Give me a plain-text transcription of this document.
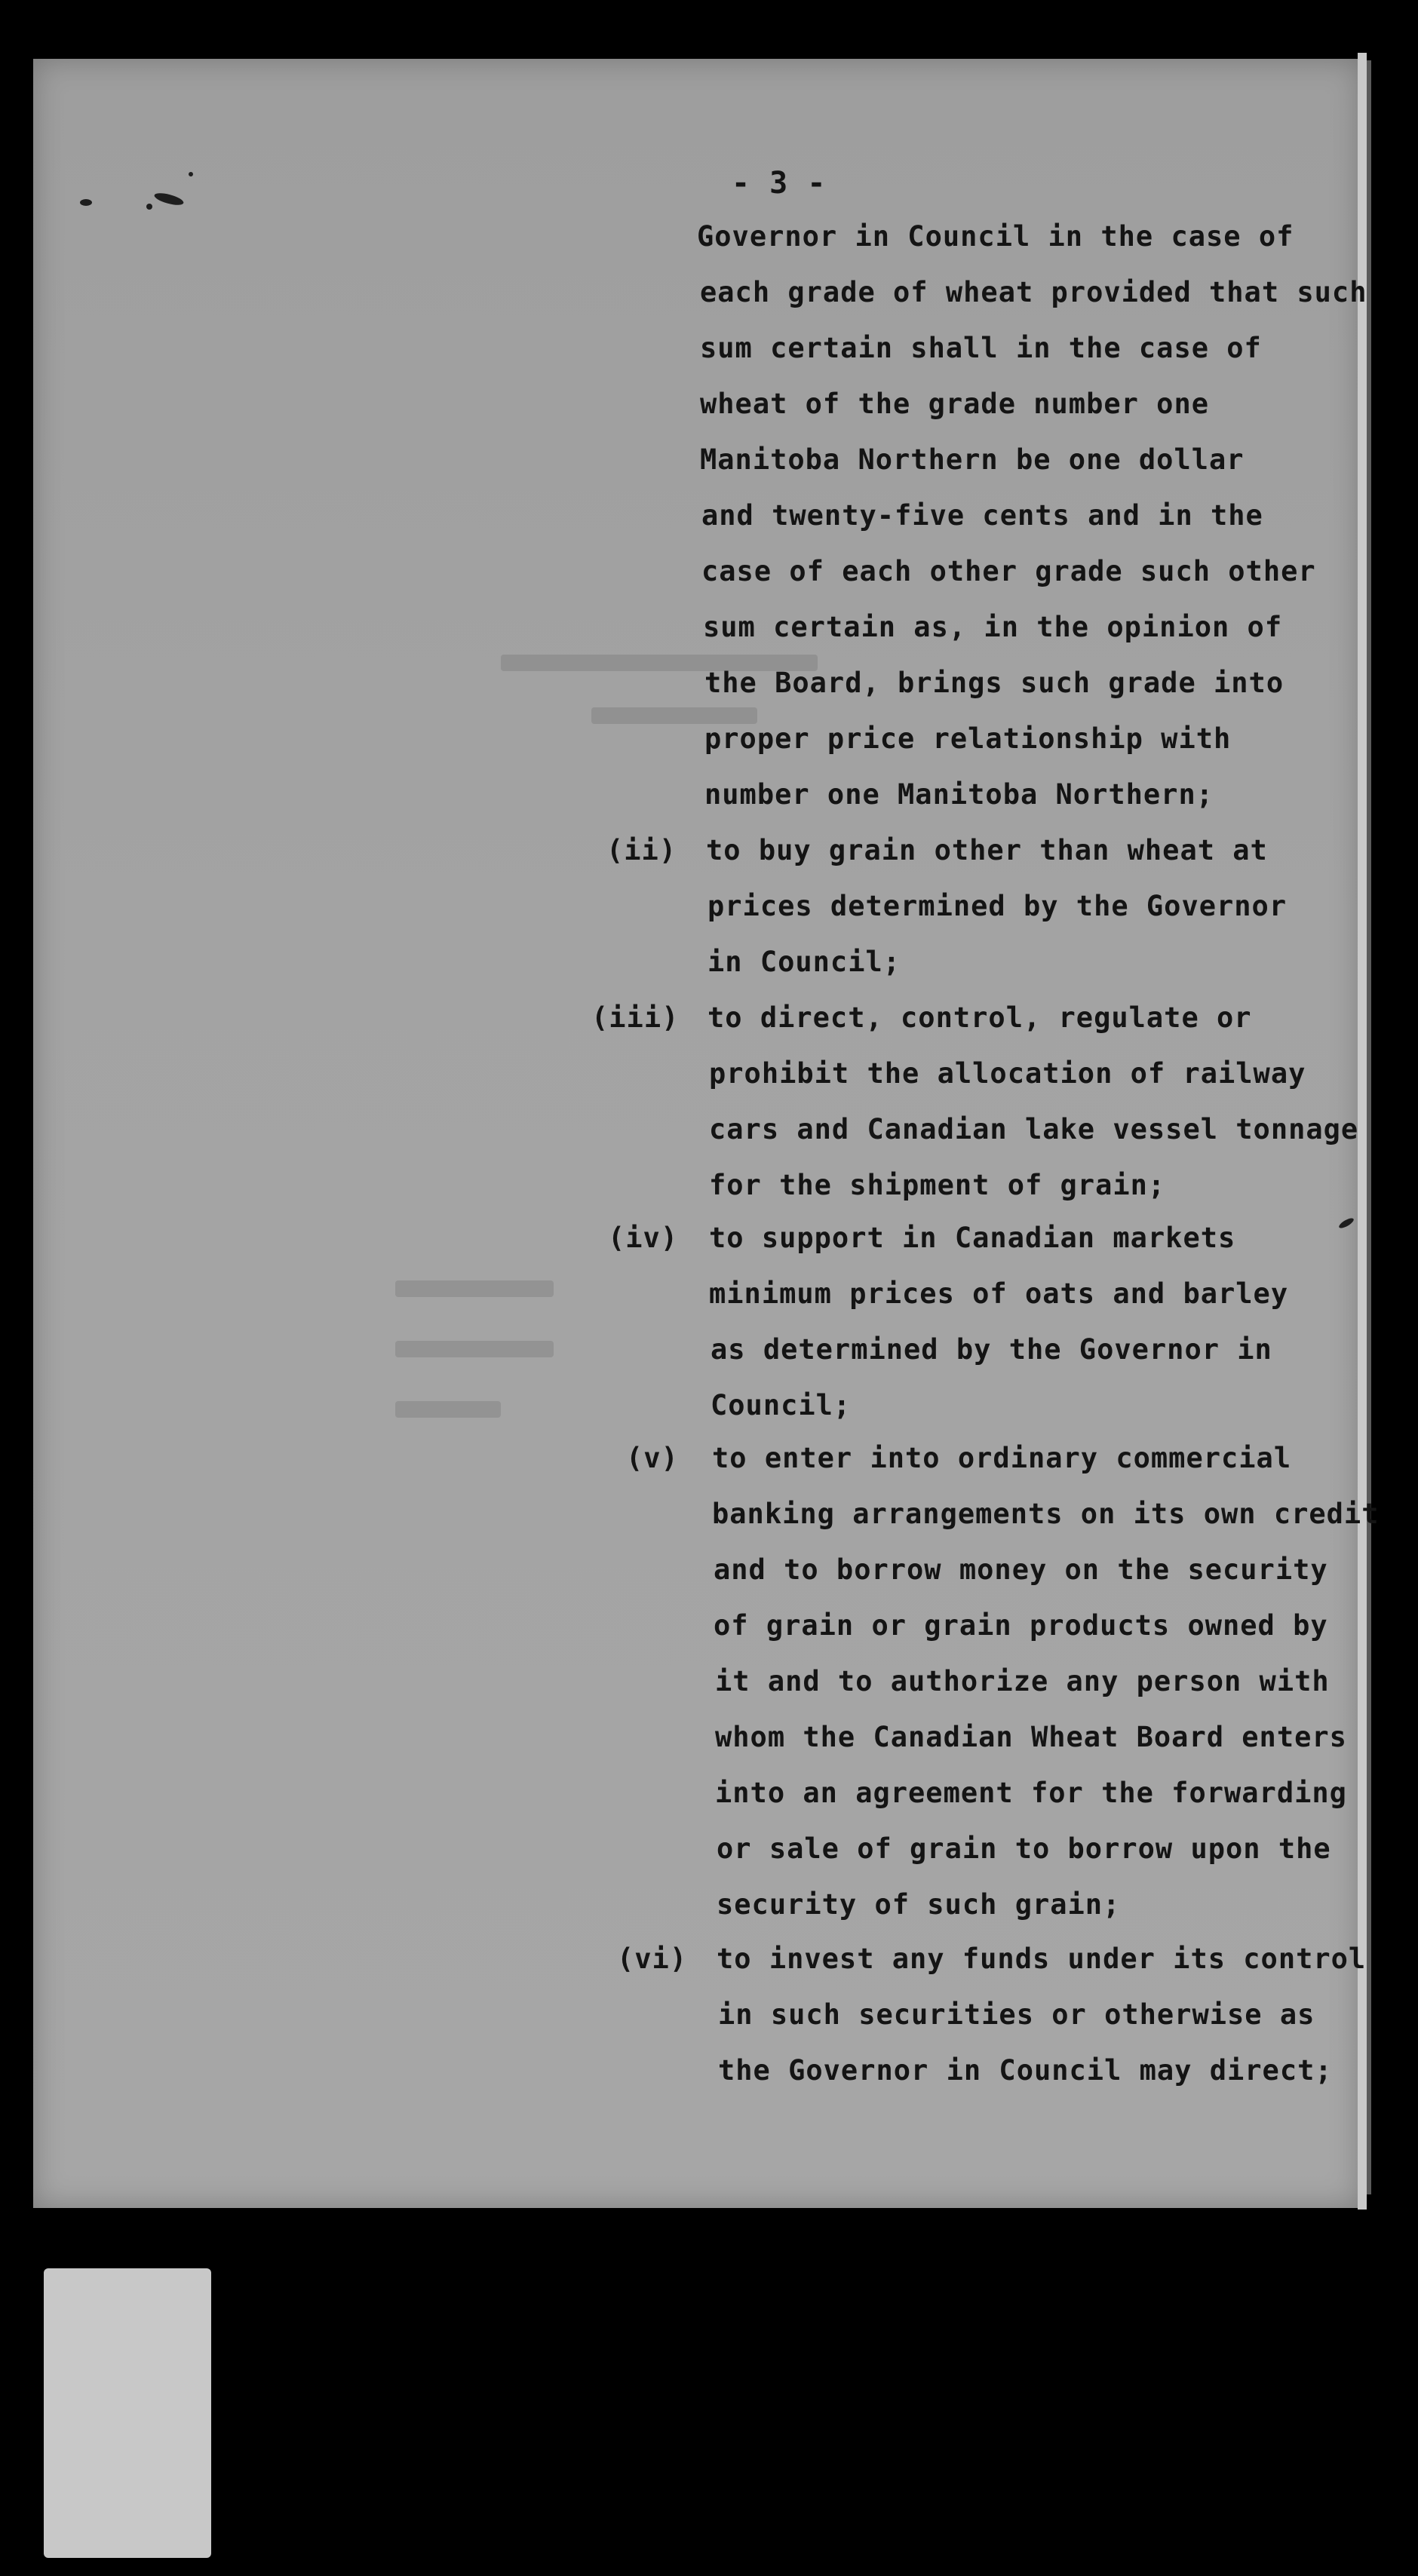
- 3 -
Governor in Council in the case of
each grade of wheat provided that such
sum certain shall in the case of
wheat of the grade number one
Manitoba Northern be one dollar
and twenty-five cents and in the
case of each other grade such other
sum certain as, in the opinion of
the Board, brings such grade into
proper price relationship with
number one Manitoba Northern;
(ii) to buy grain other than wheat at
prices determined by the Governor
in Council;
(iii) to direct, control, regulate or
prohibit the allocation of railway
cars and Canadian lake vessel tonnage
for the shipment of grain;
(iv) to support in Canadian markets
minimum prices of oats and barley
as determined by the Governor in
Council;
(v) to enter into ordinary commercial
banking arrangements on its own credit
and to borrow money on the security
of grain or grain products owned by
it and to authorize any person with
whom the Canadian Wheat Board enters
into an agreement for the forwarding
or sale of grain to borrow upon the
security of such grain;
(vi) to invest any funds under its control
in such securities or otherwise as
the Governor in Council may direct;
